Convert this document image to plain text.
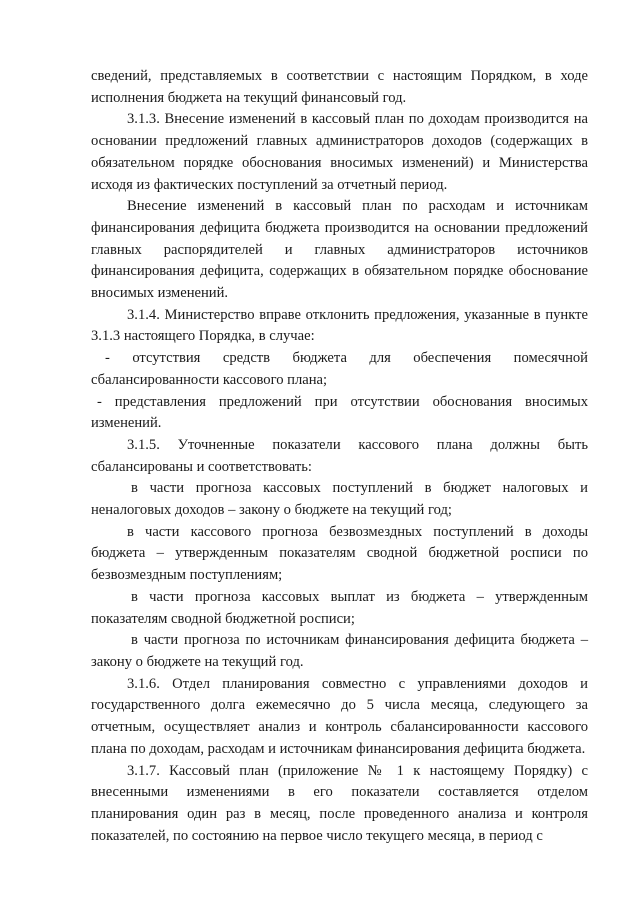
сведений, представляемых в соответствии с настоящим Порядком, в ходе исполнения бюджета на текущий финансовый год.

3.1.3. Внесение изменений в кассовый план по доходам производится на основании предложений главных администраторов доходов (содержащих в обязательном порядке обоснования вносимых изменений) и Министерства исходя из фактических поступлений за отчетный период.

Внесение изменений в кассовый план по расходам и источникам финансирования дефицита бюджета производится на основании предложений главных распорядителей и главных администраторов источников финансирования дефицита, содержащих в обязательном порядке обоснование вносимых изменений.

3.1.4. Министерство вправе отклонить предложения, указанные в пункте 3.1.3 настоящего Порядка, в случае:

- отсутствия средств бюджета для обеспечения помесячной сбалансированности кассового плана;

- представления предложений при отсутствии обоснования вносимых изменений.

3.1.5. Уточненные показатели кассового плана должны быть сбалансированы и соответствовать:

в части прогноза кассовых поступлений в бюджет налоговых и неналоговых доходов – закону о бюджете на текущий год;

в части кассового прогноза безвозмездных поступлений в доходы бюджета – утвержденным показателям сводной бюджетной росписи по безвозмездным поступлениям;

в части прогноза кассовых выплат из бюджета – утвержденным показателям сводной бюджетной росписи;

в части прогноза по источникам финансирования дефицита бюджета – закону о бюджете на текущий год.

3.1.6. Отдел планирования совместно с управлениями доходов и государственного долга ежемесячно до 5 числа месяца, следующего за отчетным, осуществляет анализ и контроль сбалансированности кассового плана по доходам, расходам и источникам финансирования дефицита бюджета.

3.1.7. Кассовый план (приложение № 1 к настоящему Порядку) с внесенными изменениями в его показатели составляется отделом планирования один раз в месяц, после проведенного анализа и контроля показателей, по состоянию на первое число текущего месяца, в период с
